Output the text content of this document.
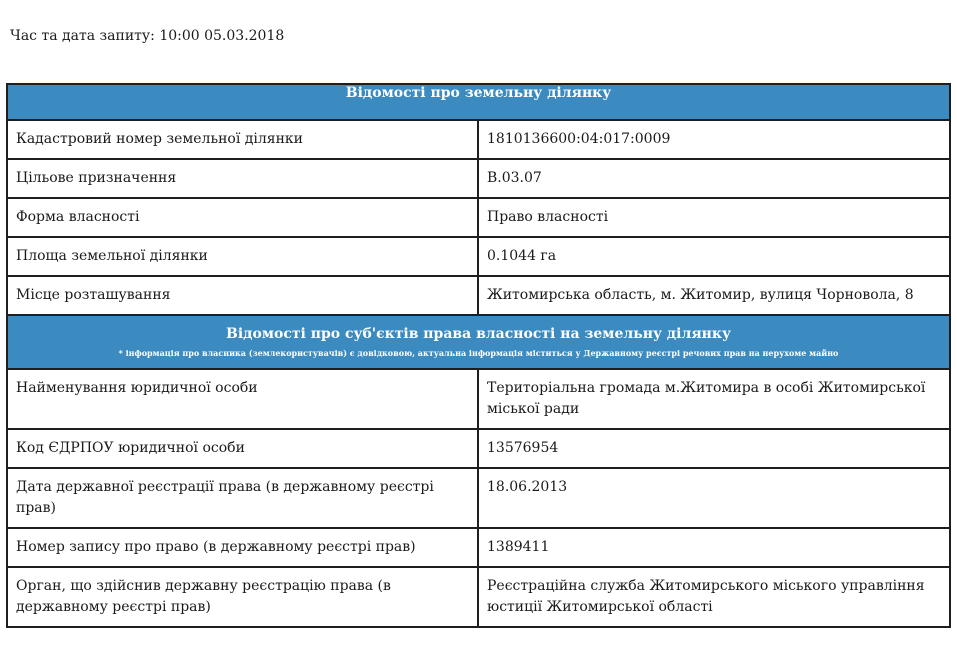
Час та дата запиту: 10:00 05.03.2018
Відомості про земельну ділянку	
Кадастровий номер земельної ділянки	1810136600:04:017:0009
Цільове призначення	В.03.07
Форма власності	Право власності
Площа земельної ділянки	0.1044 га
Місце розташування	Житомирська область, м. Житомир, вулиця Чорновола, 8

Відомості про суб'єктів права власності на земельну ділянку
* інформація про власника (землекористувачів) є довідковою, актуальна інформація міститься у Державному реєстрі речових прав на нерухоме майно	

Найменування юридичної особи	Територіальна громада м.Житомира в особі Житомирської міської ради
Код ЄДРПОУ юридичної особи	13576954
Дата державної реєстрації права (в державному реєстрі прав)	18.06.2013
Номер запису про право (в державному реєстрі прав)	1389411
Орган, що здійснив державну реєстрацію права (в державному реєстрі прав)	Реєстраційна служба Житомирського міського управління юстиції Житомирської області
